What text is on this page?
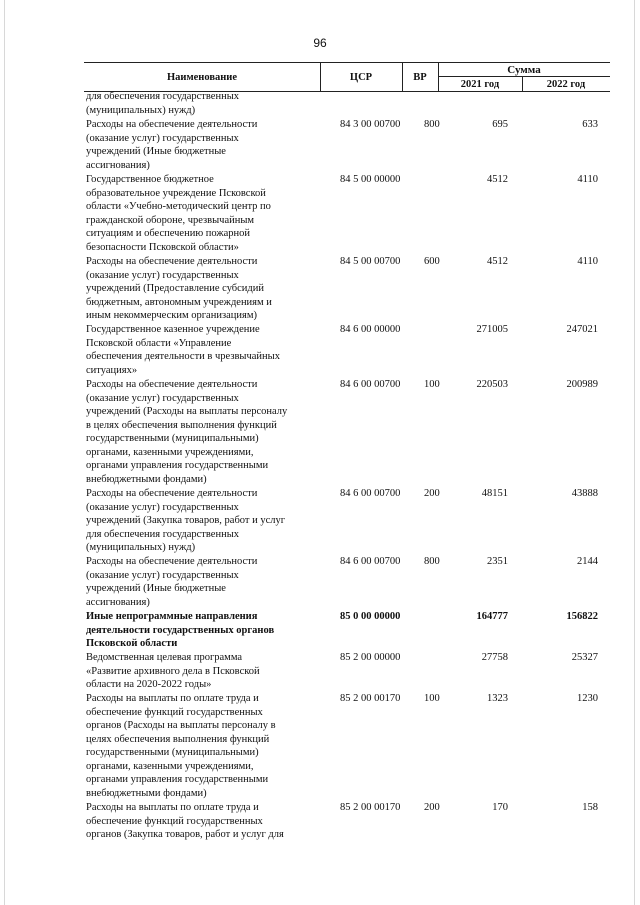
96
Наименование	ЦСР	ВР
Сумма
2021 год	2022 год
для обеспечения государственных
(муниципальных) нужд)
Расходы на обеспечение деятельности
(оказание услуг) государственных
учреждений (Иные бюджетные
ассигнования)
84 3 00 00700 800	695	633
Государственное бюджетное
образовательное учреждение Псковской
области «Учебно-методический центр по
гражданской обороне, чрезвычайным
ситуациям и обеспечению пожарной
безопасности Псковской области»
84 5 00 00000	4512	4110
Расходы на обеспечение деятельности
(оказание услуг) государственных
учреждений (Предоставление субсидий
бюджетным, автономным учреждениям и
иным некоммерческим организациям)
84 5 00 00700 600	4512	4110
Государственное казенное учреждение
Псковской области «Управление
обеспечения деятельности в чрезвычайных
ситуациях»
84 6 00 00000	271005	247021
Расходы на обеспечение деятельности
(оказание услуг) государственных
учреждений (Расходы на выплаты персоналу
в целях обеспечения выполнения функций
государственными (муниципальными)
органами, казенными учреждениями,
органами управления государственными
внебюджетными фондами)
84 6 00 00700 100	220503	200989
Расходы на обеспечение деятельности
(оказание услуг) государственных
учреждений (Закупка товаров, работ и услуг
для обеспечения государственных
(муниципальных) нужд)
84 6 00 00700 200	48151	43888
Расходы на обеспечение деятельности
(оказание услуг) государственных
учреждений (Иные бюджетные
ассигнования)
84 6 00 00700 800	2351	2144
Иные непрограммные направления
деятельности государственных органов
Псковской области
85 0 00 00000	164777	156822
Ведомственная целевая программа
«Развитие архивного дела в Псковской
области на 2020-2022 годы»
85 2 00 00000	27758	25327
Расходы на выплаты по оплате труда и
обеспечение функций государственных
органов (Расходы на выплаты персоналу в
целях обеспечения выполнения функций
государственными (муниципальными)
органами, казенными учреждениями,
органами управления государственными
внебюджетными фондами)
85 2 00 00170 100	1323	1230
Расходы на выплаты по оплате труда и
обеспечение функций государственных
органов (Закупка товаров, работ и услуг для
85 2 00 00170 200	170	158
